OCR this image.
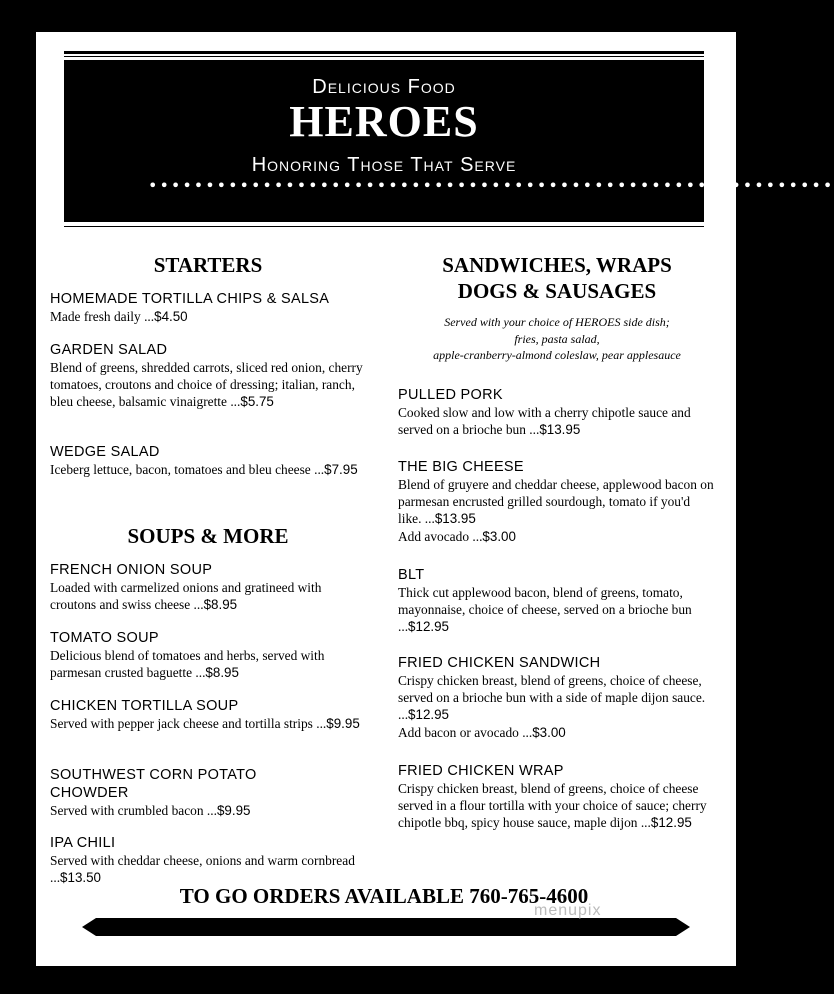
Delicious Food
HEROES
Honoring Those That Serve
••••••••••••••••••••••••••••••••••••••••••••••••••••••••••••
STARTERS
HOMEMADE TORTILLA CHIPS & SALSA
Made fresh daily ...$4.50
GARDEN SALAD
Blend of greens, shredded carrots, sliced red onion, cherry tomatoes, croutons and choice of dressing; italian, ranch, bleu cheese, balsamic vinaigrette ...$5.75
WEDGE SALAD
Iceberg lettuce, bacon, tomatoes and bleu cheese ...$7.95
SOUPS & MORE
FRENCH ONION SOUP
Loaded with carmelized onions and gratineed with croutons and swiss cheese ...$8.95
TOMATO SOUP
Delicious blend of tomatoes and herbs, served with parmesan crusted baguette ...$8.95
CHICKEN TORTILLA SOUP
Served with pepper jack cheese and tortilla strips ...$9.95
SOUTHWEST CORN POTATO CHOWDER
Served with crumbled bacon ...$9.95
IPA CHILI
Served with cheddar cheese, onions and warm cornbread ...$13.50
SANDWICHES, WRAPS
DOGS & SAUSAGES
Served with your choice of HEROES side dish;
fries, pasta salad,
apple-cranberry-almond coleslaw, pear applesauce
PULLED PORK
Cooked slow and low with a cherry chipotle sauce and served on a brioche bun ...$13.95
THE BIG CHEESE
Blend of gruyere and cheddar cheese, applewood bacon on parmesan encrusted grilled sourdough, tomato if you'd like. ...$13.95
Add avocado ...$3.00
BLT
Thick cut applewood bacon, blend of greens, tomato, mayonnaise, choice of cheese, served on a brioche bun ...$12.95
FRIED CHICKEN SANDWICH
Crispy chicken breast, blend of greens, choice of cheese, served on a brioche bun with a side of maple dijon sauce. ...$12.95
Add bacon or avocado ...$3.00
FRIED CHICKEN WRAP
Crispy chicken breast, blend of greens, choice of cheese served in a flour tortilla with your choice of sauce; cherry chipotle bbq, spicy house sauce, maple dijon ...$12.95
TO GO ORDERS AVAILABLE 760-765-4600
menupix
